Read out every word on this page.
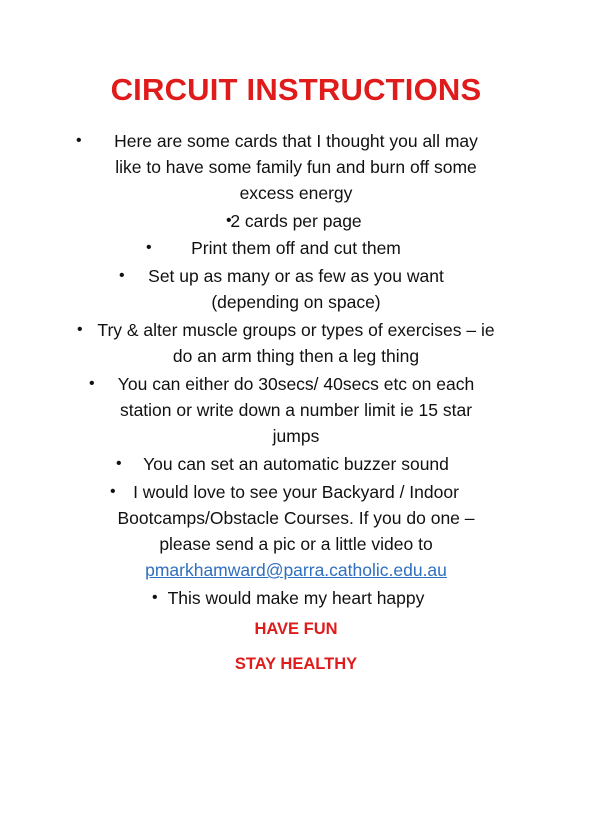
CIRCUIT INSTRUCTIONS
• Here are some cards that I thought you all may like to have some family fun and burn off some excess energy
•
2 cards per page
• Print them off and cut them
• Set up as many or as few as you want (depending on space)
• Try & alter muscle groups or types of exercises – ie do an arm thing then a leg thing
• You can either do 30secs/ 40secs etc on each station or write down a number limit ie 15 star jumps
• You can set an automatic buzzer sound
• I would love to see your Backyard / Indoor Bootcamps/Obstacle Courses. If you do one – please send a pic or a little video to
pmarkhamward@parra.catholic.edu.au
• This would make my heart happy
HAVE FUN
STAY HEALTHY
